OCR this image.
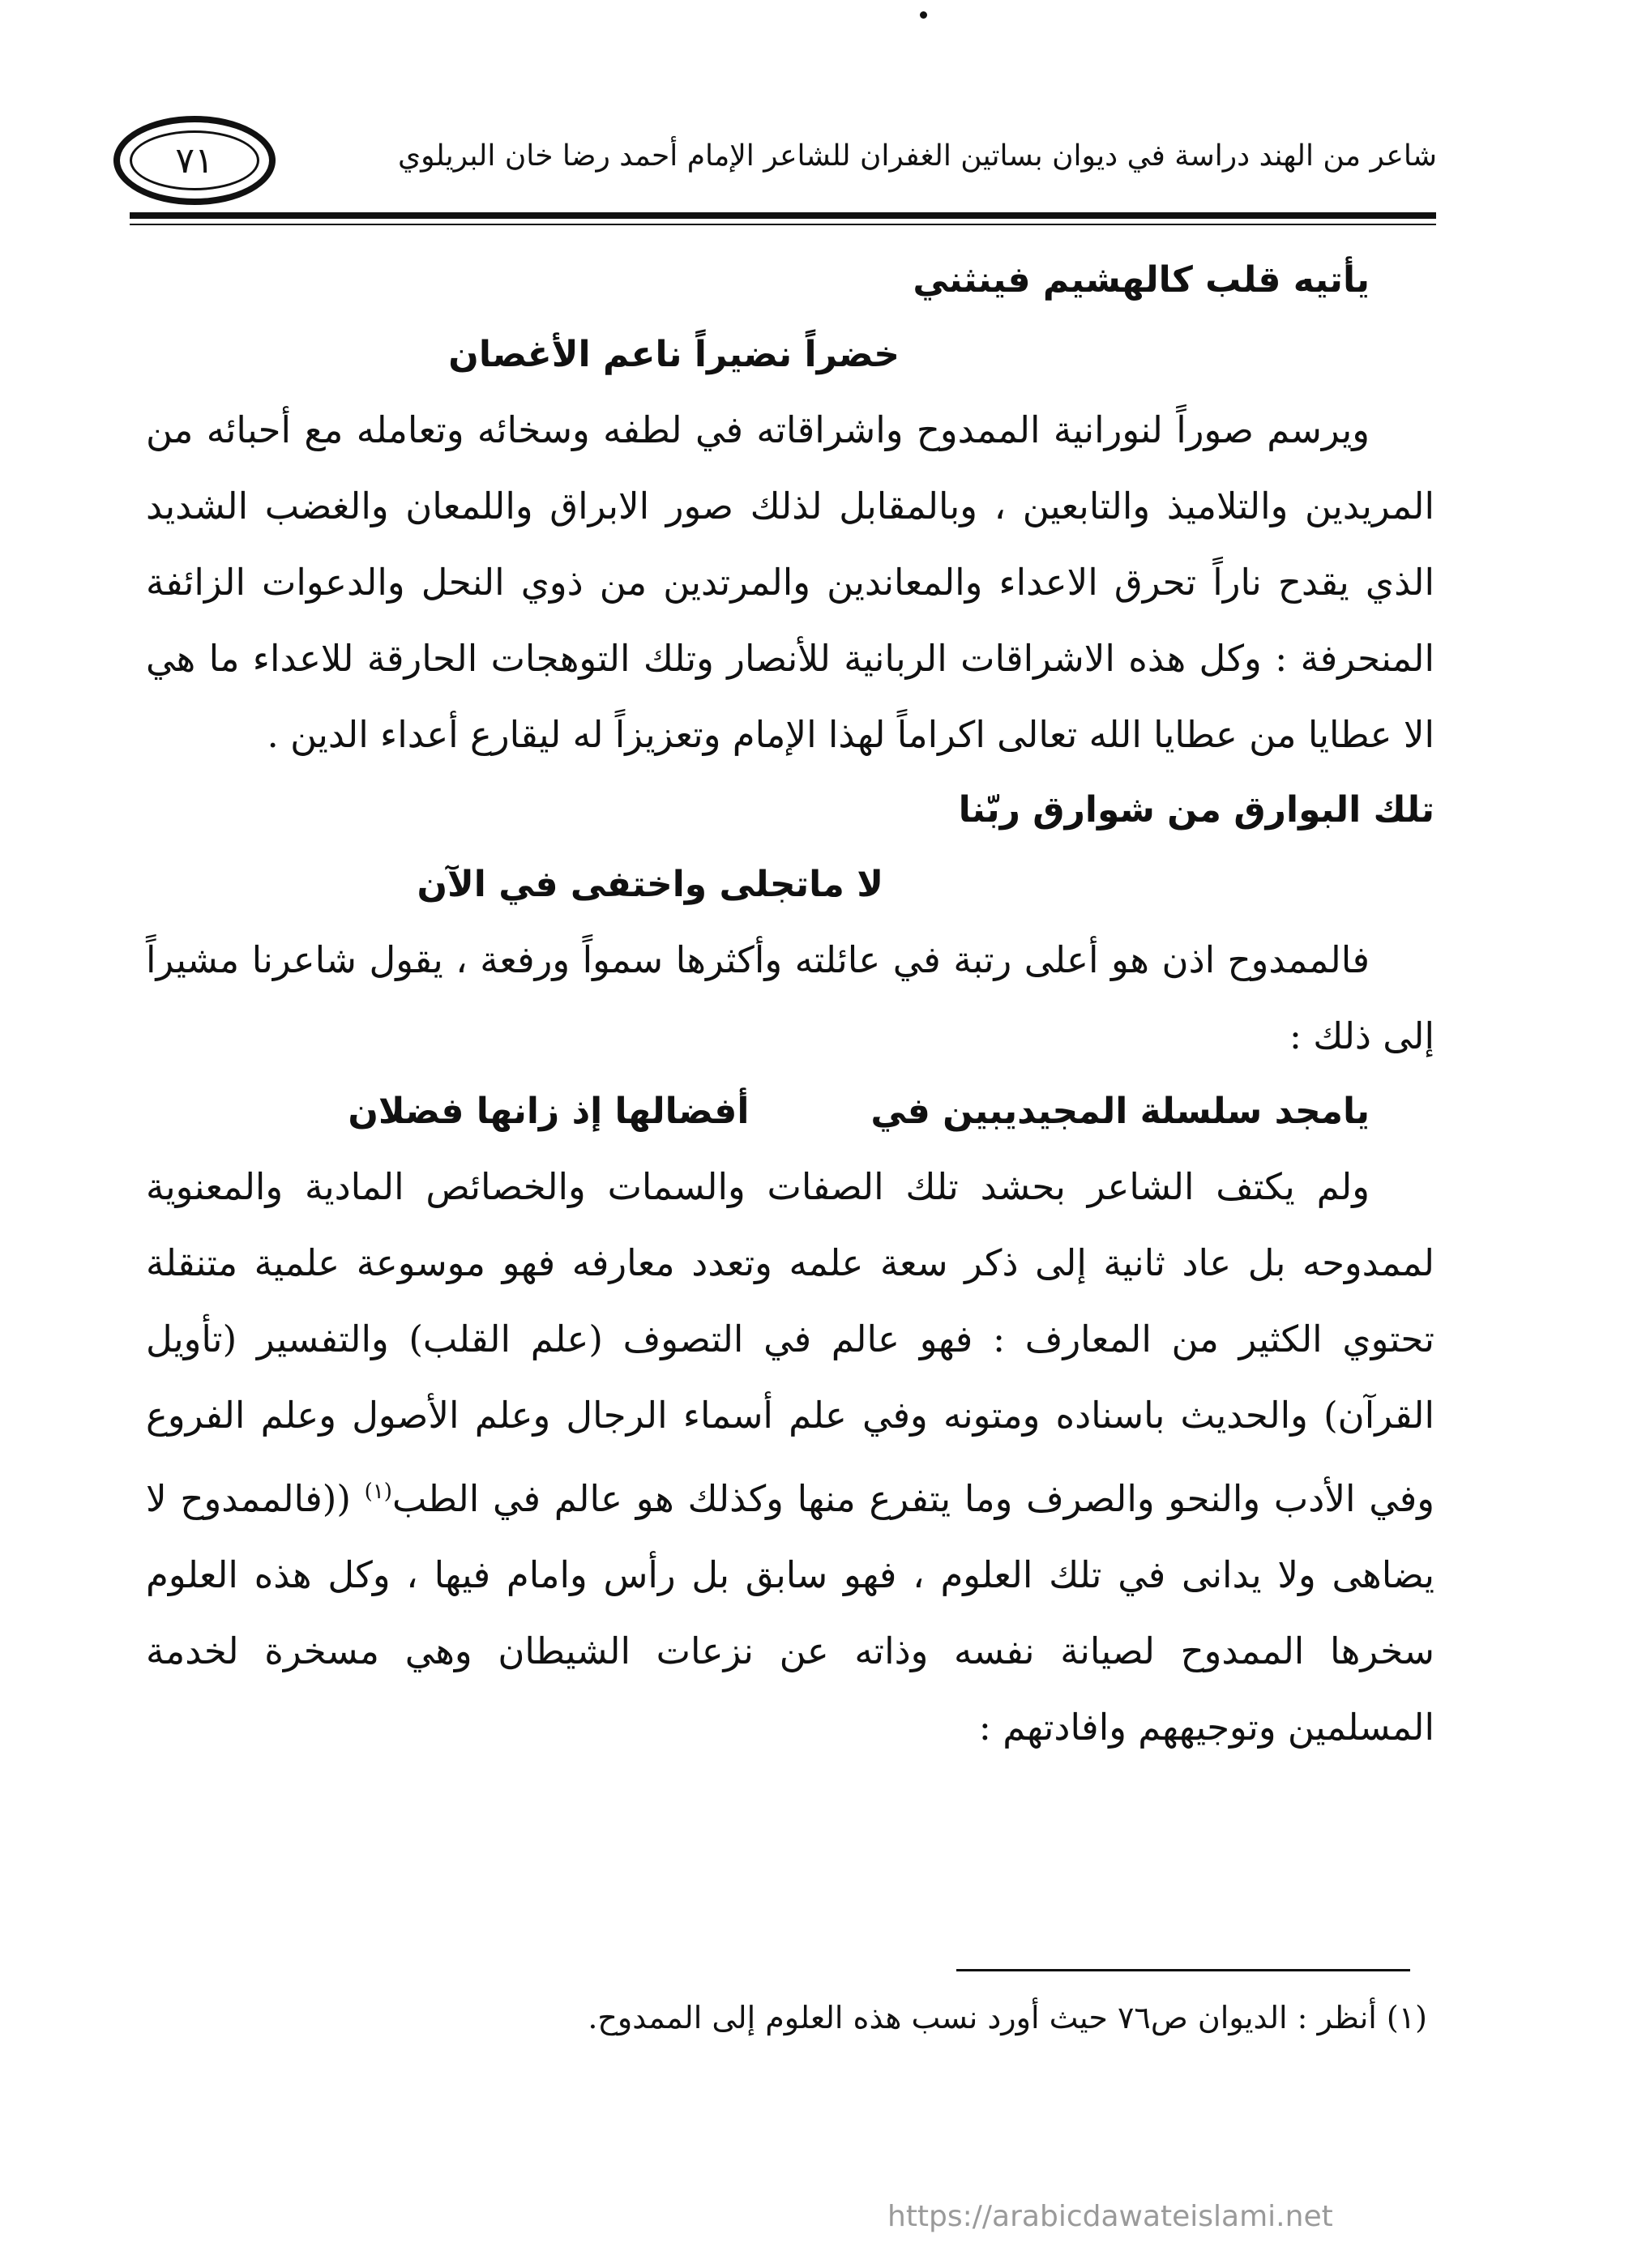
٧١	شاعر من الهند دراسة في ديوان بساتين الغفران للشاعر الإمام أحمد رضا خان البريلوي
يأتيه قلب كالهشيم فينثني
خضراً نضيراً ناعم الأغصان

ويرسم صوراً لنورانية الممدوح واشراقاته في لطفه وسخائه وتعامله مع أحبائه من المريدين والتلاميذ والتابعين ، وبالمقابل لذلك صور الابراق واللمعان والغضب الشديد الذي يقدح ناراً تحرق الاعداء والمعاندين والمرتدين من ذوي النحل والدعوات الزائفة المنحرفة : وكل هذه الاشراقات الربانية للأنصار وتلك التوهجات الحارقة للاعداء ما هي الا عطايا من عطايا الله تعالى اكراماً لهذا الإمام وتعزيزاً له ليقارع أعداء الدين .

تلك البوارق من شوارق ربّنا
لا ماتجلى واختفى في الآن

فالممدوح اذن هو أعلى رتبة في عائلته وأكثرها سمواً ورفعة ، يقول شاعرنا مشيراً إلى ذلك :

يامجد سلسلة المجيديبين في
أفضالها إذ زانها فضلان

ولم يكتف الشاعر بحشد تلك الصفات والسمات والخصائص المادية والمعنوية لممدوحه بل عاد ثانية إلى ذكر سعة علمه وتعدد معارفه فهو موسوعة علمية متنقلة تحتوي الكثير من المعارف : فهو عالم في التصوف (علم القلب) والتفسير (تأويل القرآن) والحديث باسناده ومتونه وفي علم أسماء الرجال وعلم الأصول وعلم الفروع وفي الأدب والنحو والصرف وما يتفرع منها وكذلك هو عالم في الطب$^{(١)}$ ((فالممدوح لا يضاهى ولا يدانى في تلك العلوم ، فهو سابق بل رأس وامام فيها ، وكل هذه العلوم سخرها الممدوح لصيانة نفسه وذاته عن نزعات الشيطان وهي مسخرة لخدمة المسلمين وتوجيههم وافادتهم :

(١) أنظر : الديوان ص٧٦ حيث أورد نسب هذه العلوم إلى الممدوح.
https://arabicdawateislami.net
